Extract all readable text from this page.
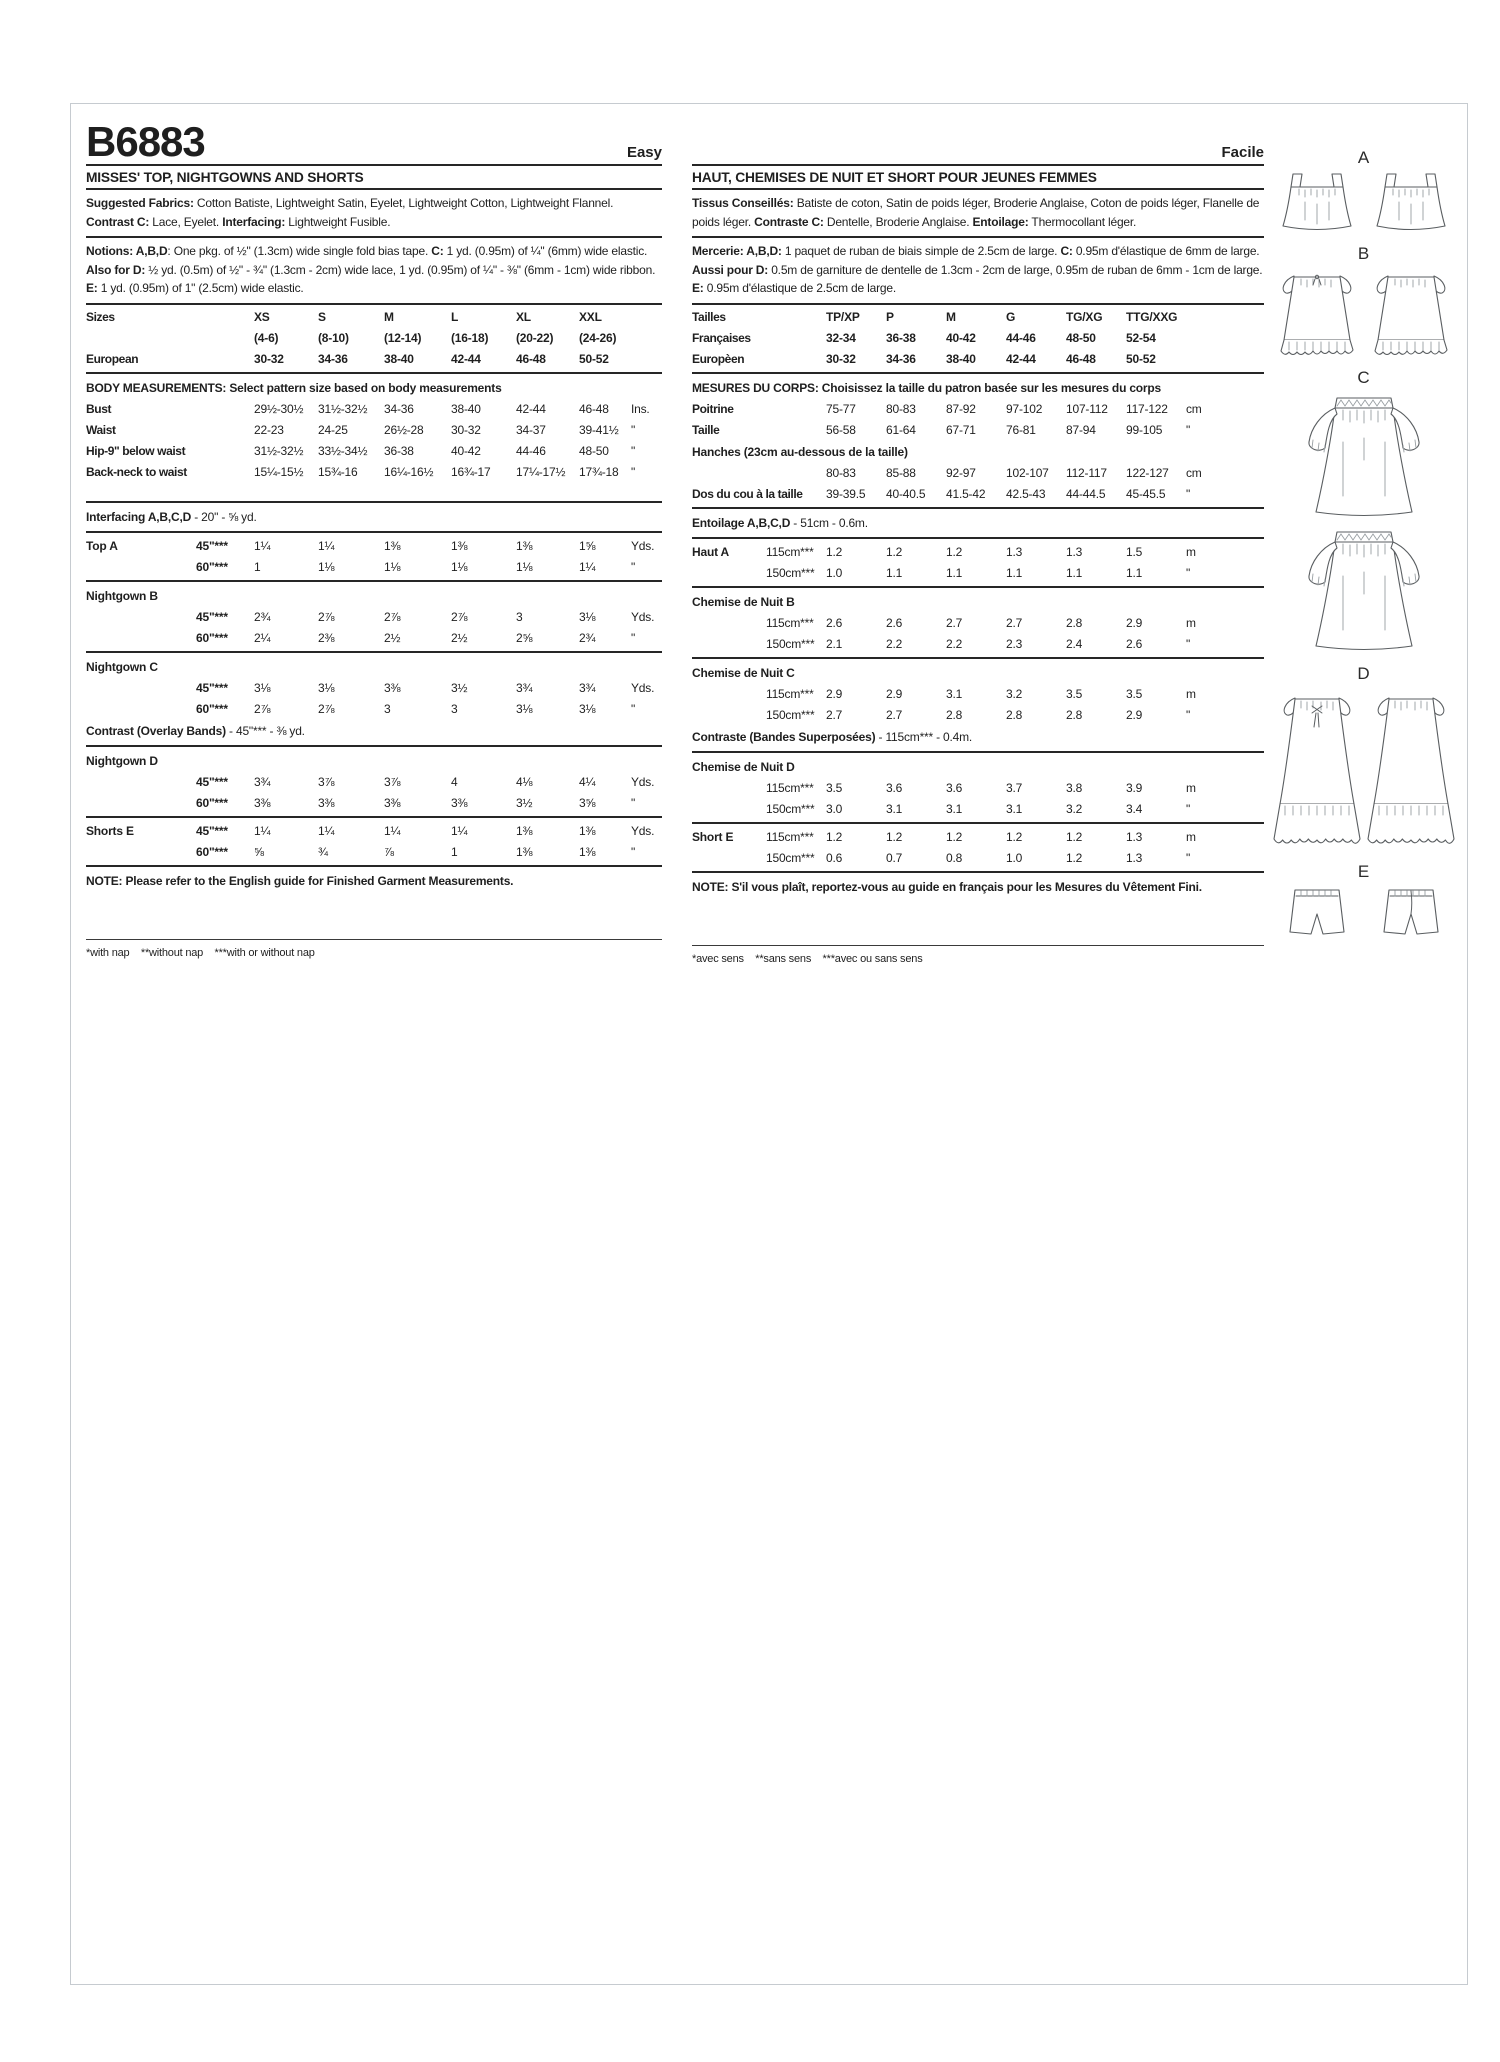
B6883	Easy
MISSES' TOP, NIGHTGOWNS AND SHORTS
Suggested Fabrics: Cotton Batiste, Lightweight Satin, Eyelet, Lightweight Cotton, Lightweight Flannel. Contrast C: Lace, Eyelet. Interfacing: Lightweight Fusible.
Notions: A,B,D: One pkg. of ½" (1.3cm) wide single fold bias tape. C: 1 yd. (0.95m) of ¼" (6mm) wide elastic. Also for D: ½ yd. (0.5m) of ½" - ¾" (1.3cm - 2cm) wide lace, 1 yd. (0.95m) of ¼" - ⅜" (6mm - 1cm) wide ribbon. E: 1 yd. (0.95m) of 1" (2.5cm) wide elastic.
Sizes	XS	S	M	L	XL	XXL
(4-6)	(8-10)	(12-14)	(16-18)	(20-22)	(24-26)
European	30-32	34-36	38-40	42-44	46-48	50-52
BODY MEASUREMENTS: Select pattern size based on body measurements
Bust	29½-30½	31½-32½	34-36	38-40	42-44	46-48	Ins.
Waist	22-23	24-25	26½-28	30-32	34-37	39-41½	"
Hip-9" below waist	31½-32½	33½-34½	36-38	40-42	44-46	48-50	"
Back-neck to waist	15¼-15½	15¾-16	16¼-16½	16¾-17	17¼-17½	17¾-18	"
Interfacing A,B,C,D - 20" - ⅝ yd.
Top A	45"***	1¼	1¼	1⅜	1⅜	1⅜	1⅝	Yds.
60"***	1	1⅛	1⅛	1⅛	1⅛	1¼	"
Nightgown B
45"***	2¾	2⅞	2⅞	2⅞	3	3⅛	Yds.
60"***	2¼	2⅜	2½	2½	2⅝	2¾	"
Nightgown C
45"***	3⅛	3⅛	3⅜	3½	3¾	3¾	Yds.
60"***	2⅞	2⅞	3	3	3⅛	3⅛	"
Contrast (Overlay Bands) - 45"*** - ⅜ yd.
Nightgown D
45"***	3¾	3⅞	3⅞	4	4⅛	4¼	Yds.
60"***	3⅜	3⅜	3⅜	3⅜	3½	3⅝	"
Shorts E	45"***	1¼	1¼	1¼	1¼	1⅜	1⅜	Yds.
60"***	⅝	¾	⅞	1	1⅜	1⅜	"
NOTE: Please refer to the English guide for Finished Garment Measurements.
*with nap    **without nap    ***with or without nap
Facile
HAUT, CHEMISES DE NUIT ET SHORT POUR JEUNES FEMMES
Tissus Conseillés: Batiste de coton, Satin de poids léger, Broderie Anglaise, Coton de poids léger, Flanelle de poids léger. Contraste C: Dentelle, Broderie Anglaise. Entoilage: Thermocollant léger.
Mercerie: A,B,D: 1 paquet de ruban de biais simple de 2.5cm de large. C: 0.95m d'élastique de 6mm de large. Aussi pour D: 0.5m de garniture de dentelle de 1.3cm - 2cm de large, 0.95m de ruban de 6mm - 1cm de large. E: 0.95m d'élastique de 2.5cm de large.
Tailles	TP/XP	P	M	G	TG/XG	TTG/XXG
Françaises	32-34	36-38	40-42	44-46	48-50	52-54
Europèen	30-32	34-36	38-40	42-44	46-48	50-52
MESURES DU CORPS: Choisissez la taille du patron basée sur les mesures du corps
Poitrine	75-77	80-83	87-92	97-102	107-112	117-122	cm
Taille	56-58	61-64	67-71	76-81	87-94	99-105	"
Hanches (23cm au-dessous de la taille)
80-83	85-88	92-97	102-107	112-117	122-127	cm
Dos du cou à la taille	39-39.5	40-40.5	41.5-42	42.5-43	44-44.5	45-45.5	"
Entoilage A,B,C,D - 51cm - 0.6m.
Haut A	115cm***	1.2	1.2	1.2	1.3	1.3	1.5	m
150cm*** 1.0	1.1	1.1	1.1	1.1	1.1	"
Chemise de Nuit B
115cm***	2.6	2.6	2.7	2.7	2.8	2.9	m
150cm*** 2.1	2.2	2.2	2.3	2.4	2.6	"
Chemise de Nuit C
115cm***	2.9	2.9	3.1	3.2	3.5	3.5	m
150cm*** 2.7	2.7	2.8	2.8	2.8	2.9	"
Contraste (Bandes Superposées) - 115cm*** - 0.4m.
Chemise de Nuit D
115cm***	3.5	3.6	3.6	3.7	3.8	3.9	m
150cm*** 3.0	3.1	3.1	3.1	3.2	3.4	"
Short E	115cm***	1.2	1.2	1.2	1.2	1.2	1.3	m
150cm*** 0.6	0.7	0.8	1.0	1.2	1.3	"
NOTE: S'il vous plaît, reportez-vous au guide en français pour les Mesures du Vêtement Fini.
*avec sens    **sans sens    ***avec ou sans sens
A
B
C
D
E
